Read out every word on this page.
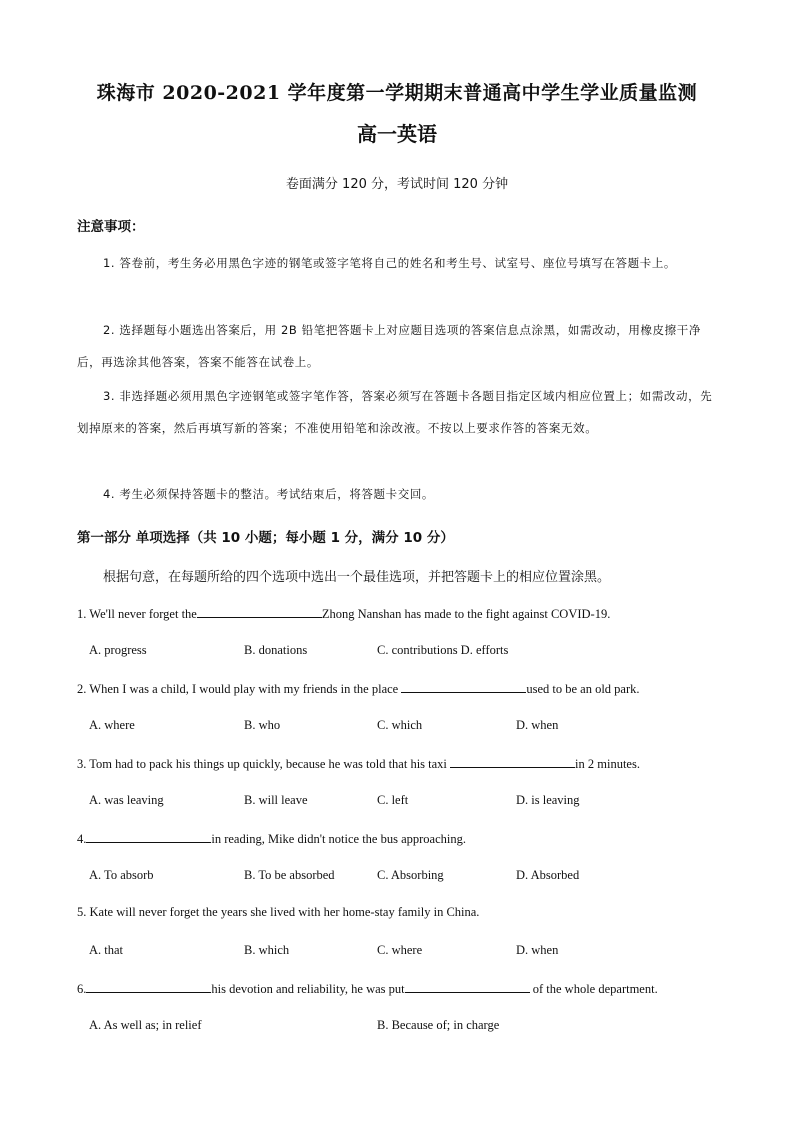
珠海市 2020-2021 学年度第一学期期末普通高中学生学业质量监测
高一英语
卷面满分 120 分，考试时间 120 分钟
注意事项：
1. 答卷前，考生务必用黑色字迹的钢笔或签字笔将自己的姓名和考生号、试室号、座位号填写在答题卡上。
2. 选择题每小题选出答案后，用 2B 铅笔把答题卡上对应题目选项的答案信息点涂黑，如需改动，用橡皮擦干净后，再选涂其他答案，答案不能答在试卷上。
3. 非选择题必须用黑色字迹钢笔或签字笔作答，答案必须写在答题卡各题目指定区域内相应位置上；如需改动，先划掉原来的答案，然后再填写新的答案；不准使用铅笔和涂改液。不按以上要求作答的答案无效。
4. 考生必须保持答题卡的整洁。考试结束后，将答题卡交回。
第一部分 单项选择（共 10 小题；每小题 1 分，满分 10 分）
根据句意，在每题所给的四个选项中选出一个最佳选项，并把答题卡上的相应位置涂黑。
1. We'll never forget the	Zhong Nanshan has made to the fight against COVID-19.
A. progress	B. donations	C. contributions D. efforts
2. When I was a child, I would play with my friends in the place	used to be an old park.
A. where	B. who	C. which	D. when
3. Tom had to pack his things up quickly, because he was told that his taxi	in 2 minutes.
A. was leaving	B. will leave	C. left	D. is leaving
4.	in reading, Mike didn't notice the bus approaching.
A. To absorb	B. To be absorbed	C. Absorbing	D. Absorbed
5. Kate will never forget the years she lived with her home-stay family in China.
A. that	B. which	C. where	D. when
6.	his devotion and reliability, he was put	of the whole department.
A. As well as; in relief	B. Because of; in charge
